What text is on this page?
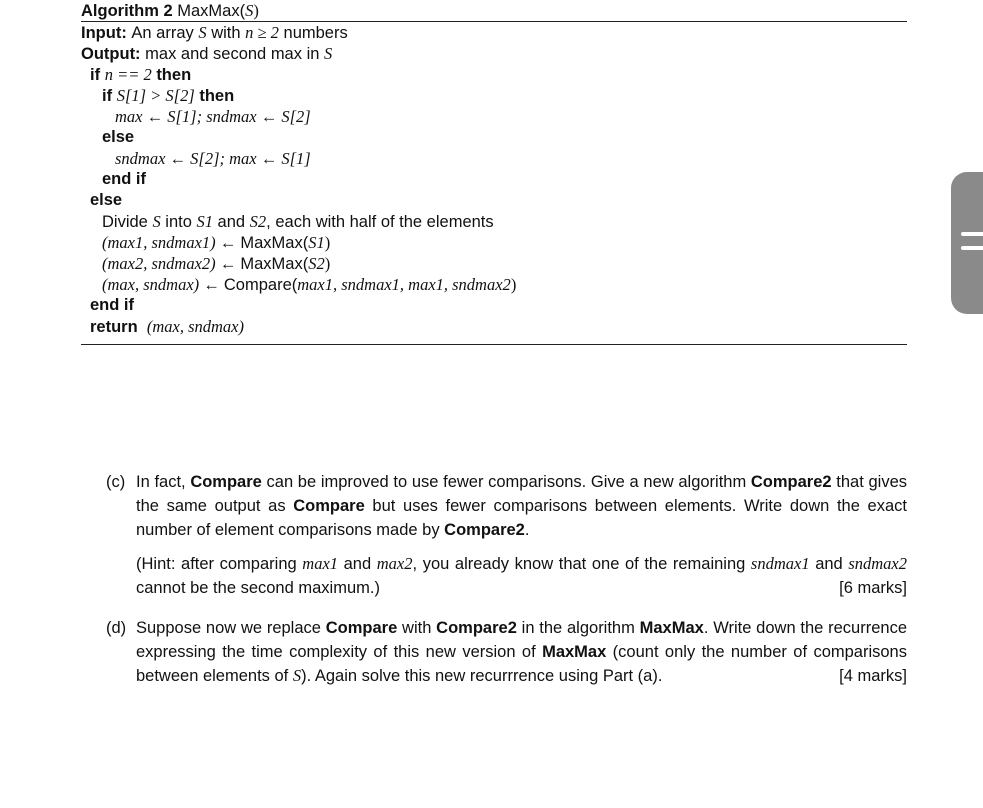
Algorithm 2 MaxMax(S)
Input: An array S with n ≥ 2 numbers
Output: max and second max in S
if n == 2 then
if S[1] > S[2] then
max ← S[1]; sndmax ← S[2]
else
sndmax ← S[2]; max ← S[1]
end if
else
Divide S into S1 and S2, each with half of the elements
(max1, sndmax1) ← MaxMax(S1)
(max2, sndmax2) ← MaxMax(S2)
(max, sndmax) ← Compare(max1, sndmax1, max1, sndmax2)
end if
return (max, sndmax)
(c) In fact, Compare can be improved to use fewer comparisons. Give a new algorithm Compare2 that gives the same output as Compare but uses fewer comparisons between elements. Write down the exact number of element comparisons made by Compare2.

(Hint: after comparing max1 and max2, you already know that one of the remaining sndmax1 and sndmax2 cannot be the second maximum.)	[6 marks]

(d) Suppose now we replace Compare with Compare2 in the algorithm MaxMax. Write down the recurrence expressing the time complexity of this new version of MaxMax (count only the number of comparisons between elements of S). Again solve this new recurrrence using Part (a).	[4 marks]
